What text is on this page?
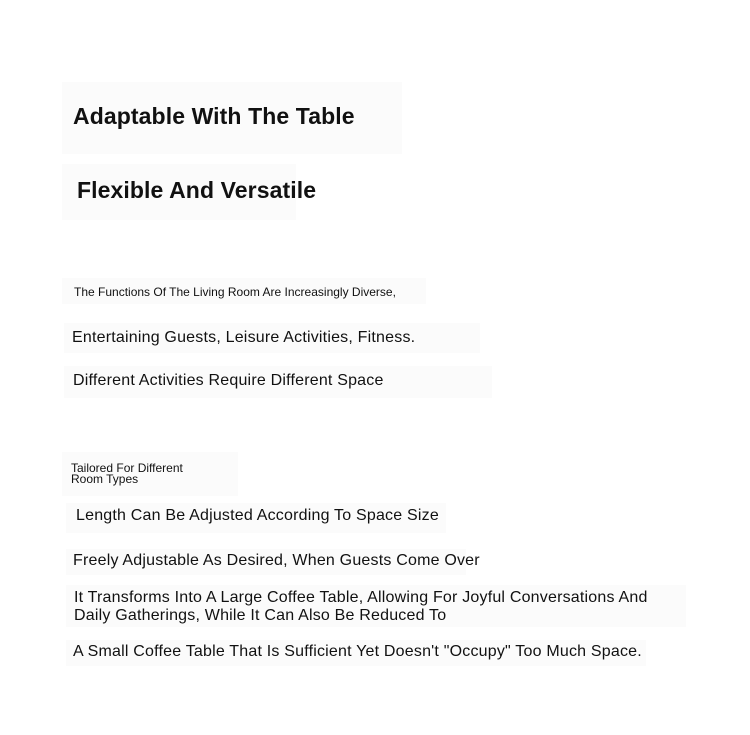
Adaptable With The Table
Flexible And Versatile
The Functions Of The Living Room Are Increasingly Diverse,
Entertaining Guests, Leisure Activities, Fitness.
Different Activities Require Different Space
Tailored For Different
Room Types
Length Can Be Adjusted According To Space Size
Freely Adjustable As Desired, When Guests Come Over
It Transforms Into A Large Coffee Table, Allowing For Joyful Conversations And Daily Gatherings, While It Can Also Be Reduced To
A Small Coffee Table That Is Sufficient Yet Doesn't "Occupy" Too Much Space.
